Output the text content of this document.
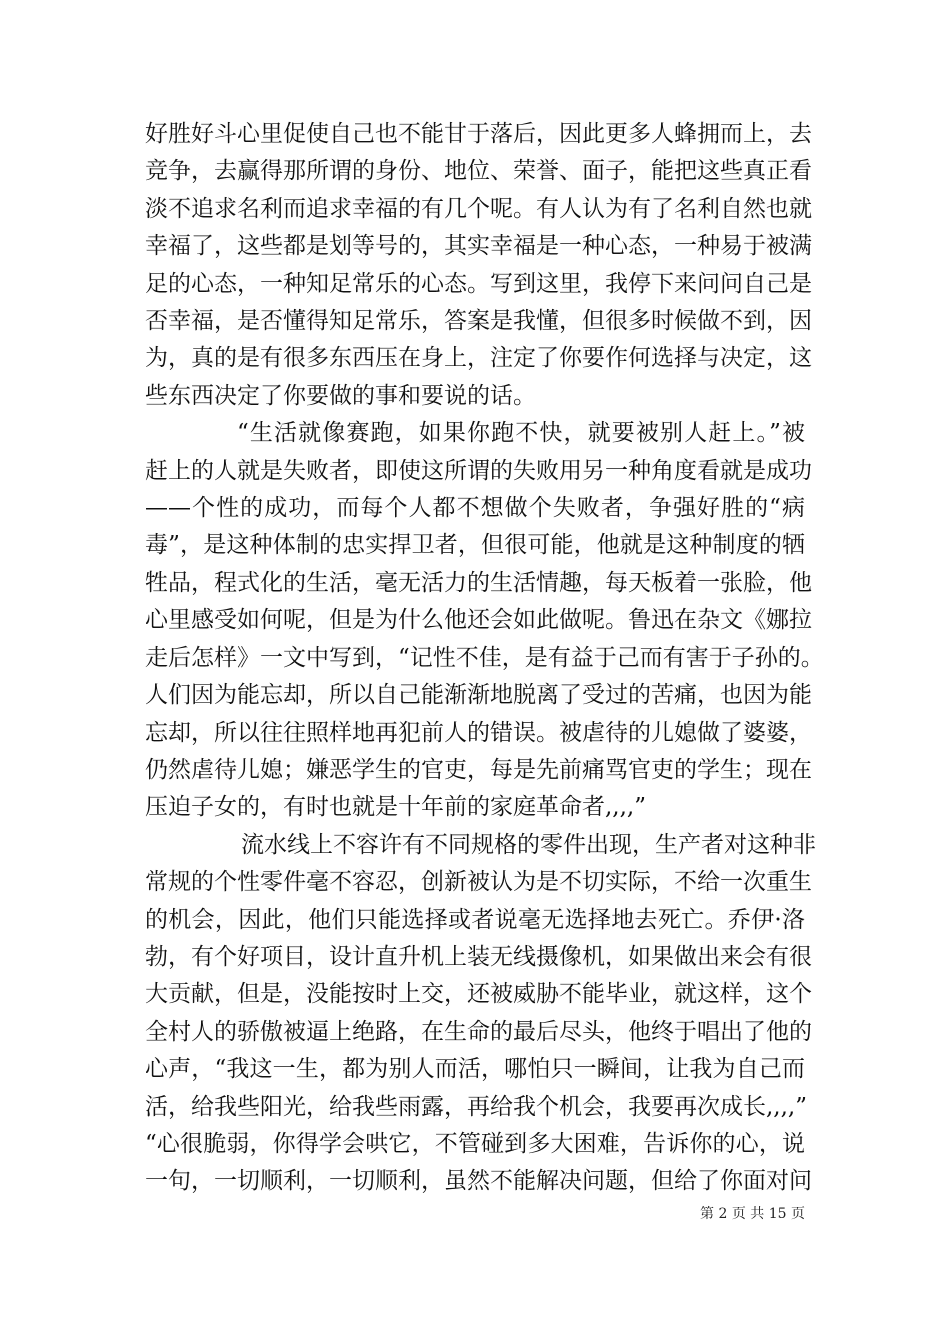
好胜好斗心里促使自己也不能甘于落后，因此更多人蜂拥而上，去
竞争，去赢得那所谓的身份、地位、荣誉、面子，能把这些真正看
淡不追求名利而追求幸福的有几个呢。有人认为有了名利自然也就
幸福了，这些都是划等号的，其实幸福是一种心态，一种易于被满
足的心态，一种知足常乐的心态。写到这里，我停下来问问自己是
否幸福，是否懂得知足常乐，答案是我懂，但很多时候做不到，因
为，真的是有很多东西压在身上，注定了你要作何选择与决定，这
些东西决定了你要做的事和要说的话。
“生活就像赛跑，如果你跑不快，就要被别人赶上。”被
赶上的人就是失败者，即使这所谓的失败用另一种角度看就是成功
——个性的成功，而每个人都不想做个失败者，争强好胜的“病
毒”，是这种体制的忠实捍卫者，但很可能，他就是这种制度的牺
牲品，程式化的生活，毫无活力的生活情趣，每天板着一张脸，他
心里感受如何呢，但是为什么他还会如此做呢。鲁迅在杂文《娜拉
走后怎样》一文中写到，“记性不佳，是有益于己而有害于子孙的。
人们因为能忘却，所以自己能渐渐地脱离了受过的苦痛，也因为能
忘却，所以往往照样地再犯前人的错误。被虐待的儿媳做了婆婆，
仍然虐待儿媳；嫌恶学生的官吏，每是先前痛骂官吏的学生；现在
压迫子女的，有时也就是十年前的家庭革命者,,,,”
流水线上不容许有不同规格的零件出现，生产者对这种非
常规的个性零件毫不容忍，创新被认为是不切实际，不给一次重生
的机会，因此，他们只能选择或者说毫无选择地去死亡。乔伊·洛
勃，有个好项目，设计直升机上装无线摄像机，如果做出来会有很
大贡献，但是，没能按时上交，还被威胁不能毕业，就这样，这个
全村人的骄傲被逼上绝路，在生命的最后尽头，他终于唱出了他的
心声，“我这一生，都为别人而活，哪怕只一瞬间，让我为自己而
活，给我些阳光，给我些雨露，再给我个机会，我要再次成长,,,,”
“心很脆弱，你得学会哄它，不管碰到多大困难，告诉你的心，说
一句，一切顺利，一切顺利，虽然不能解决问题，但给了你面对问
第 2 页 共 15 页
